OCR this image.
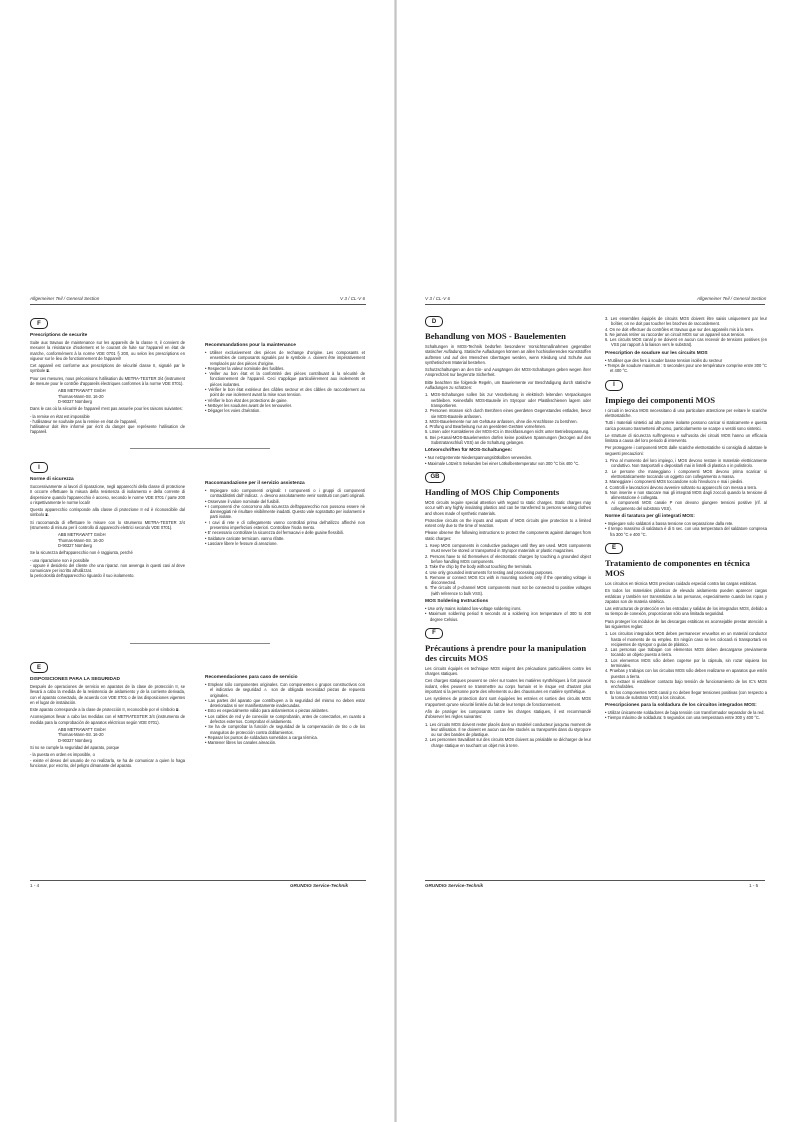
Allgemeiner Teil / General Section	V 3 / CL-V 6
F
Prescriptions de securite

Suite aux travaux de maintenance sur les appareils de la classe II, il convient de mesurer la résistance d'isolement et le courant de fuite sur l'appareil en état de marche, conformément à la norme VDE 0701 § 200, ou selon les prescriptions en vigueur sur le lieu de fonctionnement de l'appareil!

Cet appareil est conforme aux prescriptions de sécurité classe II, signalé par le symbole ⧈.

Pour ces mesures, nous préconisons l'utilisation du METRA-TESTER 3/4 (instrument de mesure pour le contrôle d'appareils électriques conformes à la norme VDE 0701).

ABB METRAWATT GmbH
Thomas-Mann-Str. 16-20
D-90327 Nürnberg

Dans le cas où la sécurité de l'appareil n'est pas assurée pour les raisons suivantes:

- la remise en état est impossible

- l'utilisateur ne souhaite pas la remise en état de l'appareil,

l'utilisateur doit être informé par écrit du danger que représente l'utilisation de l'appareil.

Recommandations pour la maintenance
• Utiliser exclusivement des pièces de rechange d'origine. Les composants et ensembles de composants signalés par le symbole ⚠ doivent être impérativement remplacés par des pièces d'origine.
• Respecter la valeur nominale des fusibles.
• Veiller au bon état et la conformité des pièces contribuant à la sécurité de fonctionnement de l'appareil. Ceci s'applique particulièrement aux isolements et pièces isolantes.
• Vérifier le bon état extérieur des câbles secteur et des câbles de raccordement au point de vue isolement avant la mise sous tension.
• Vérifier le bon état des protections de gaine.
• Nettoyer les soudures avant de les renouveler.
• Dégager les voies d'aération.
I
Norme di sicurezza

Successivamente ai lavori di riparazione, negli apparecchi della classe di protezione II occorre effettuare la misura della resistenza di isolamento e della corrente di dispersione quando l'apparecchio è acceso, secondo le norme VDE 0701 / parte 200 o rispettivamente le norme locali!

Questo apparecchio corrisponde alla classe di protezione II ed è riconoscibile dal simbolo ⧈.

Si raccomanda di effettuare le misure con lo strumento METRA-TESTER 3/4 (strumento di misura per il controllo di apparecchi elettrici secondo VDE 0701).

ABB METRAWATT GmbH
Thomas-Mann-Str. 16-20
D-90327 Nürnberg

Se la sicurezza dell'apparecchio non è raggiunta, perché

- una riparazione non è possibile

- oppure è desiderio del cliente che una riparaz. non avvenga in questi casi al deve comunicare per iscritto all'utilizzat.

la pericolosità dell'apparecchio riguardo il suo isolamento.

Raccomandazione per il servizio assistenza
• Impiegare solo componenti originali: I componenti o i gruppi di componenti contraddistinti dall' indicaz. ⚠ devono assolutamente venir sostituiti con parti originali.
• Osservare il valore nominale del fusibili.
• I componenti che concorrono alla sicurezza dell'apparecchio non possono essere nè danneggiati nè risultare visibilmente inadatti. Questo vale soprattutto per isolamenti e parti isolate.
• I cavi di rete e di collegamento vanno controllati prima dell'utilizzo affinché non presentino imperfezioni esteriori. Controllare l'isola mento.
• E' necessario controllare la sicurezza del fermacavi e delle guaine flessibili.
• Saldature caricate termicam. vanno rifatte.
• Lasciare libere le fessure di areazione.
E
DISPOSICIONES PARA LA SEGURIDAD

Después de operaciones de servicio en aparatos de la clase de protección II, se llevará a cabo la medida de la resistencia de aislamiento y de la corriente derivada, con el aparato conectado, de acuerdo con VDE 0701 o de las disposiciones vigentes en el lugar de instalación.

Este aparato corresponde a la clase de protección II, reconocible por el símbolo ⧈.

Aconsejamos llevar a cabo las medidas con el METRATESTER 3/4 (instrumento de medida para la comprobación de aparatos eléctricos según VDE 0701).

ABB METRAWATT GmbH
Thomas-Mann-Str. 16-20
D-90327 Nürnberg

Si no se cumple la seguridad del aparato, porque

- la puesta en orden es imposible, o

- existe el deseo del usuario de no realizarla, se ha de comunicar a quien lo haga funcionar, por escrito, del peligro dimanante del aparato.

Recomendaciones para caso de servicio
• Emplear sólo componentes originales. Con componentes o grupos constructivos con el indicativo de seguridad ⚠ son de obligada necesidad piezas de repuesto originales.
• Las partes del aparato que contribuyen a la seguridad del mismo no deben estar deterioradas ni ser manifiestamente inadecuadas.
• Esto es especialmente válido para aislamientos o piezas aislantes.
• Los cables de red y de conexión se comprobarán, antes de conectarlos, en cuanto a defectos externos. Comprobar el aislamiento.
• Se ha de comprobar la función de seguridad de la compensación de tiro o de los manguitos de protección contra doblamientos.
• Repasar los puntos de soldadura sometidos a carga térmica.
• Mantener libres los canales aireación.
1 - 4	GRUNDIG Service-Technik
V 3 / CL-V 6	Allgemeiner Teil / General Section
D
Behandlung von MOS - Bauelementen

Schaltungen in MOS-Technik bedürfen besonderer Vorsichtsmaßnahmen gegenüber statischer Aufladung. Statische Aufladungen können an allen hochisolierenden Kunststoffen auftreten und auf den Menschen übertragen werden, wenn Kleidung und Schuhe aus synthetischem Material bestehen.

Schutzschaltungen an den Ein- und Ausgängen der MOS-Schaltungen geben wegen ihrer Ansprechzeit nur begrenzte Sicherheit.

Bitte beachten Sie folgende Regeln, um Bauelemente vor Beschädigung durch statische Aufladungen zu schützen:

1. MOS-Schaltungen sollen bis zur Verarbeitung in elektrisch leitenden Verpackungen verbleiben. Keinesfalls MOS-Bauteile im Styropor oder Plastikschienen lagern oder transportieren.
2. Personen müssen sich durch Berühren eines geerdeten Gegenstandes entladen, bevor sie MOS-Bauteile anfassen.
3. MOS-Bauelemente nur am Gehäuse anfassen, ohne die Anschlüsse zu berühren.
4. Prüfung und Bearbeitung nur an geerdeten Geräten vornehmen.
5. Lösen oder Kontaktieren der MOS-ICs in Steckfassungen nicht unter Betriebsspannung.
6. Bei p-Kanal-MOS-Bauelementen dürfen keine positiven Spannungen (bezogen auf den Substratanschluß VSS) an die Schaltung gelangen.
Lötvorschriften für MOS-Schaltungen:
• Nur netzgetrennte Niederspannungslötkolben verwenden.
• Maximale Lötzeit 5 Sekunden bei einer Lötkolbentemperatur von 300 °C bis 400 °C.
GB
Handling of MOS Chip Components

MOS circuits require special attention with regard to static charges. Static charges may occur with any highly insulating plastics and can be transferred to persons wearing clothes and shoes made of synthetic materials.

Protective circuits on the inputs and outputs of MOS circuits give protection to a limited extent only due to the time of reaction.

Please observe the following instructions to protect the components against damages from static charges:

1. Keep MOS components in conductive packages until they are used. MOS components must never be stored or transported in Styropor materials or plastic magazines.
2. Persons have to rid themselves of electrostatic charges by touching a grounded object before handling MOS components.
3. Take the chip by the body without touching the terminals.
4. Use only grounded instruments for testing and processing purposes.
5. Remove or connect MOS ICs with in mounting sockets only if the operating voltage is disconnected.
6. The circuits of p-channel MOS components must not be connected to positive voltages (with reference to bulk VSS).
MOS Soldering Instructions
• Use only mains isolated low-voltage soldering irons.
• Maximum soldering period 5 seconds at a soldering iron temperature of 300 to 400 degree Celsius.
F
Précautions à prendre pour la manipulation des circuits MOS

Les circuits équipés en technique MOS exigent des précautions particulières contre les charges statiques.

Ces charges statiques peuvent se créer sur toutes les matières synthétiques à fort pouvoir isolant, elles peuvent se transmettre au corps humain et le risque est d'autant plus important si la personne porte des vêtements ou des chaussures en matière synthétique.

Les systèmes de protection dont sont équipées les entrées et sorties des circuits MOS n'apportent qu'une sécurité limitée du fait de leur temps de fonctionnement.

Afin de protéger les composants contre les charges statiques, il est recommandé d'observer les règles suivantes:

1. Les circuits MOS doivent rester placés dans un matériel conducteur jusqu'au moment de leur utilisation. Il ne doivent en aucun cas être stockés ou transportés dans du styropore ou sur des bandes de plastique.
2. Les personnes travaillant sur des circuits MOS doivent au préalable se décharger de leur charge statique en touchant un objet mis à terre.
3. Les ensembles équipés de circuits MOS doivent être saisis uniquement par leur boîtier, on ne doit pas toucher les broches de raccordement.
4. On ne doit effectuer du contrôles et travaux que sur des appareils mis à la terre.
5. Ne jamais retirer ou raccorder un circuit MOS sur un appareil sous tension.
6. Les circuits MOS canal p ne doivent en aucun cas recevoir de tensions positives (en VSS par rapport à la liaison vers le substrat).
Prescription de soudure sur les circuits MOS
• N'utiliser que des fers à souder basse tension isolés du secteur
• Temps de soudure maximum : 5 secondes pour une température comprise entre 300 °C et 400 °C.
I
Impiego dei componenti MOS

I circuiti in tecnica MOS necessitano di una particolare attenzione per evitare le scariche elettrostatiche.

Tutti i materiali sintetici ad alto potere isolante possono caricar si staticamente e questa carica possono trasmettersi all'uomo, particolarmente se scarpe o vestiti sono sintetici.

Le strutture di sicurezza sull'ingresso e sull'uscita dei circuiti MOS hanno un efficacia limitata a causa del loro periodo di intervento.

Per proteggere i componenti MOS dalle scariche elettrostatiche si consiglia di adottare le seguenti precauzioni:

1. Fino al momento del loro impiego, i MOS devono restare in materiale elettricamente conduttivo. Non trasportarli o depositarli mai in listelli di plastica o in polistirolo.
2. Le persone che maneggiano i componenti MOS devono prima scaricar si elettrostaticamente toccando un oggetto con collegamento a massa.
3. Maneggiare i componenti MOS toccandone solo l'involucro e mai i piedini.
4. Controlli e lavorazioni devono avvenire soltanto su apparecchi con messa a terra.
5. Non inserire e non staccare mai gli integrati MOS dagli zoccoli quando la tensione di alimentazione è collegata.
6. Ai componenti MOS canale P non devono giungere tensioni positive (rif. al collegamento del substrato VSS).
Norme di taratura per gli integrati MOS:
• Impiegare solo saldatori a bassa tensione con separazione dalla rete.
• Il tempo massimo di saldatura è di 5 sec. con una temperatura del saldatore compresa fra 300 °C e 400 °C.
E
Tratamiento de componentes en técnica MOS

Los circuitos en técnica MOS precisan cuidado especial contra las cargas estáticas.

En todos los materiales plásticos de elevado aislamiento pueden aparecer cargas estáticas y también ser transmitidas a las personas, especialmente cuando las ropas y zapatos son de materia sintética.

Las estructuras de protección en las entradas y salidas de los integrados MOS, debido a su tiempo de conexión, proporcionan sólo una limitada seguridad.

Para proteger los módulos de las descargas estáticas es aconsejable prestar atención a las siguientes reglas:

1. Los circuitos integrados MOS deben permanecer envueltos en un material conductor hasta el momento de su empleo. En ningún caso se les colocará ni transportará en recipientes de styropor o guías de plástico.
2. Las personas que trabajan con elementos MOS deben descargarse previamente tocando un objeto puesto a tierra.
3. Los elementos MOS sólo deben cogerse por la cápsula, sin rozar siquiera los terminales.
4. Pruebas y trabajos con los circuitos MOS sólo deben realizarse en aparatos que estén puestos a tierra.
5. No extraer ni establecer contacto bajo tensión de funcionamiento de los IC's MOS enchufables.
6. En los componentes MOS canal p no deben llegar tensiones positivas (con respecto a la toma de substrato VSS) a los circuitos.
Prescripciones para la soldadura de los circuitos integrados MOS:
• Utilizar únicamente soldadores de baja tensión con transformador separador de la red.
• Tiempo máximo de soldadura: 5 segundos con una temperatura entre 300 y 400 °C.
GRUNDIG Service-Technik	1 - 5
